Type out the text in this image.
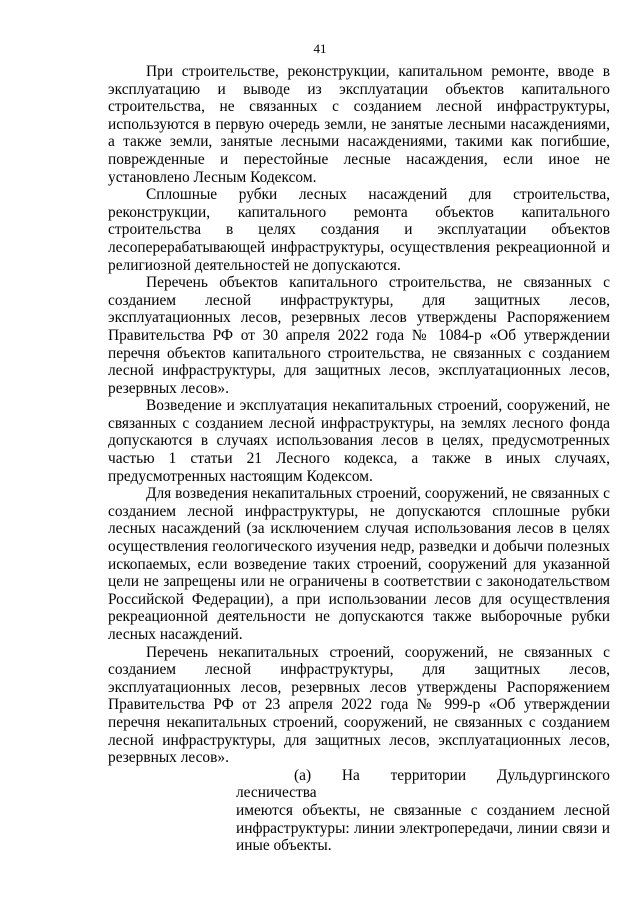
41

При строительстве, реконструкции, капитальном ремонте, вводе в эксплуатацию и выводе из эксплуатации объектов капитального строительства, не связанных с созданием лесной инфраструктуры, используются в первую очередь земли, не занятые лесными насаждениями, а также земли, занятые лесными насаждениями, такими как погибшие, поврежденные и перестойные лесные насаждения, если иное не установлено Лесным Кодексом.

Сплошные рубки лесных насаждений для строительства, реконструкции, капитального ремонта объектов капитального строительства в целях создания и эксплуатации объектов лесоперерабатывающей инфраструктуры, осуществления рекреационной и религиозной деятельностей не допускаются.

Перечень объектов капитального строительства, не связанных с созданием лесной инфраструктуры, для защитных лесов, эксплуатационных лесов, резервных лесов утверждены Распоряжением Правительства РФ от 30 апреля 2022 года № 1084-р «Об утверждении перечня объектов капитального строительства, не связанных с созданием лесной инфраструктуры, для защитных лесов, эксплуатационных лесов, резервных лесов».

Возведение и эксплуатация некапитальных строений, сооружений, не связанных с созданием лесной инфраструктуры, на землях лесного фонда допускаются в случаях использования лесов в целях, предусмотренных частью 1 статьи 21 Лесного кодекса, а также в иных случаях, предусмотренных настоящим Кодексом.

Для возведения некапитальных строений, сооружений, не связанных с созданием лесной инфраструктуры, не допускаются сплошные рубки лесных насаждений (за исключением случая использования лесов в целях осуществления геологического изучения недр, разведки и добычи полезных ископаемых, если возведение таких строений, сооружений для указанной цели не запрещены или не ограничены в соответствии с законодательством Российской Федерации), а при использовании лесов для осуществления рекреационной деятельности не допускаются также выборочные рубки лесных насаждений.

Перечень некапитальных строений, сооружений, не связанных с созданием лесной инфраструктуры, для защитных лесов, эксплуатационных лесов, резервных лесов утверждены Распоряжением Правительства РФ от 23 апреля 2022 года № 999-р «Об утверждении перечня некапитальных строений, сооружений, не связанных с созданием лесной инфраструктуры, для защитных лесов, эксплуатационных лесов, резервных лесов».

(а) На территории Дульдургинского лесничества
имеются объекты, не связанные с созданием лесной инфраструктуры: линии электропередачи, линии связи и иные объекты.
